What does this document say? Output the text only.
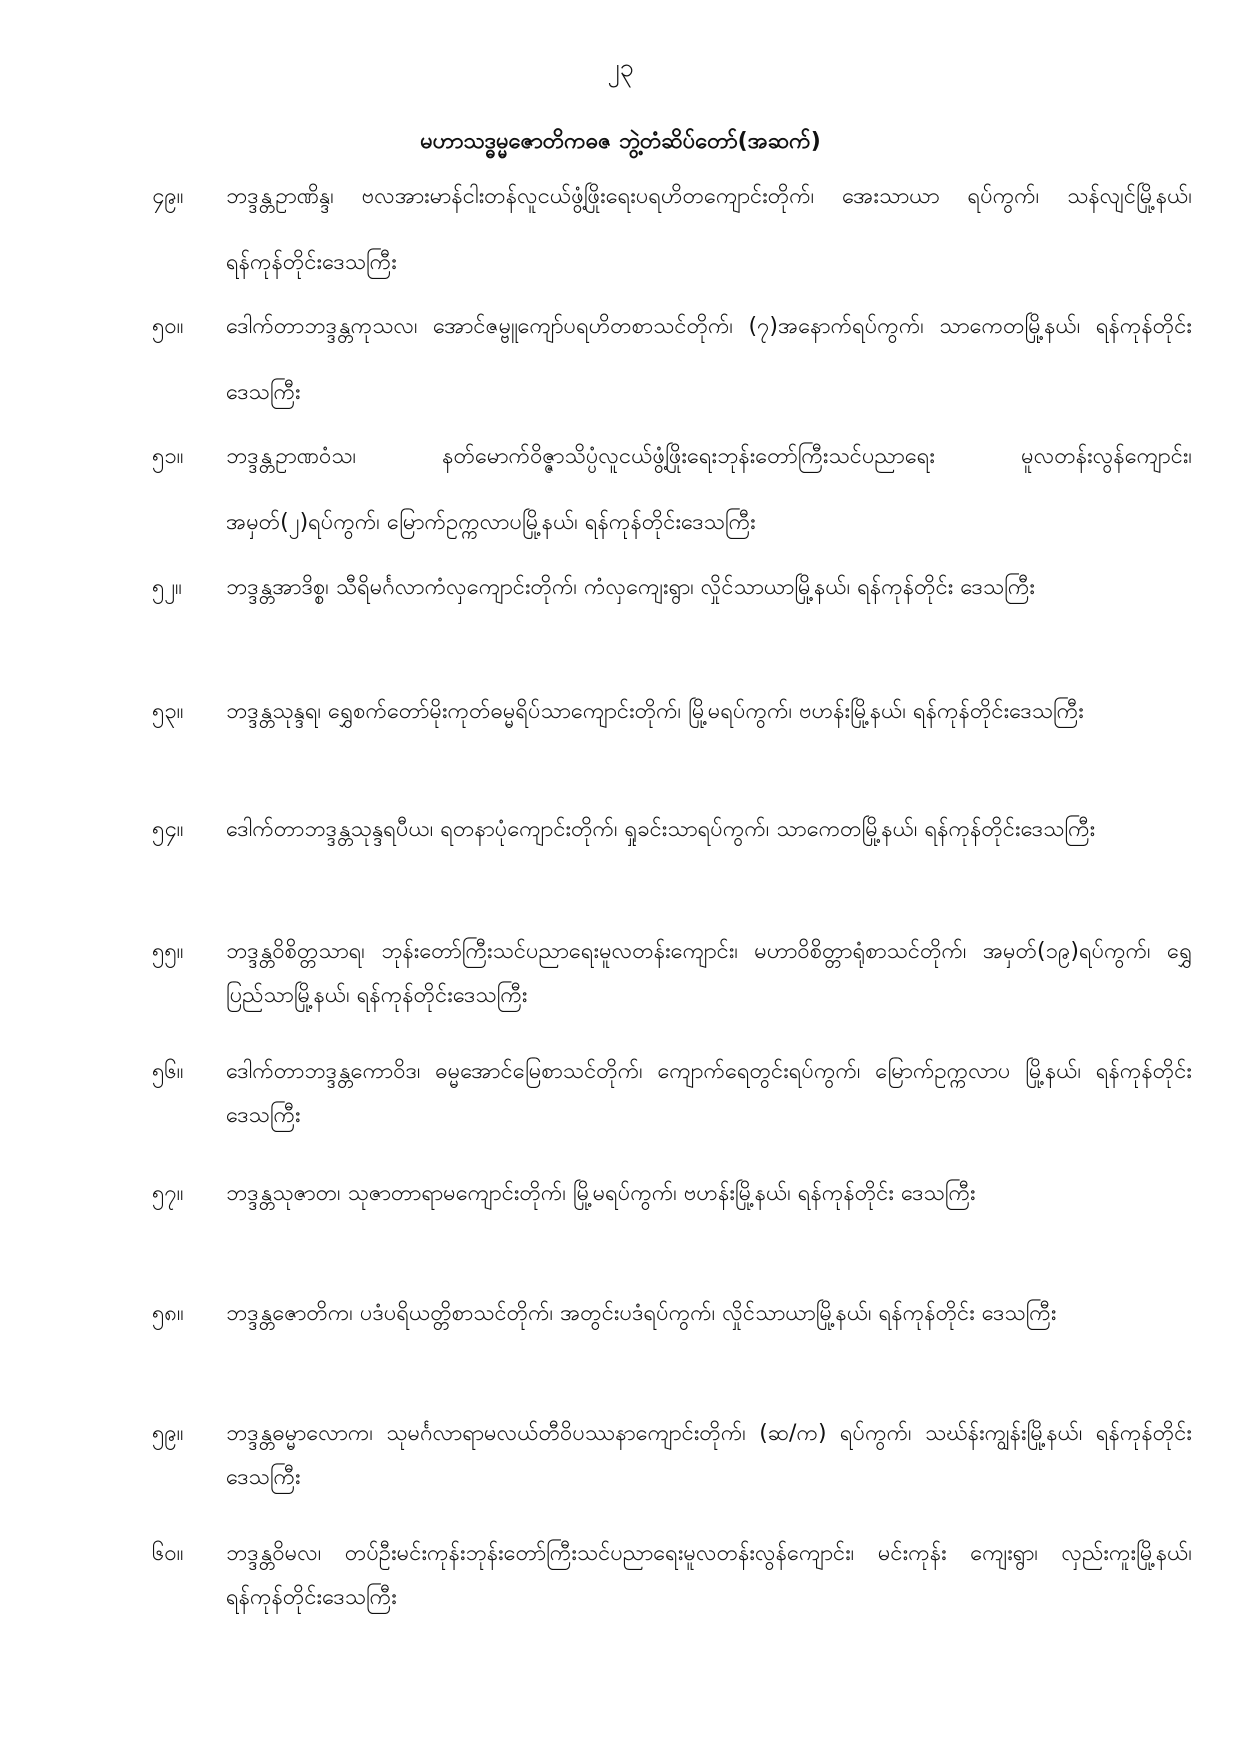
၂၃
မဟာသဒ္ဓမ္မဇောတိကဓဇ ဘွဲ့တံဆိပ်တော်(အဆက်)
၄၉။	ဘဒ္ဒန္တဥာဏိန္ဒ၊ ဗလအားမာန်ငါးတန်လူငယ်ဖွံ့ဖြိုးရေးပရဟိတကျောင်းတိုက်၊ အေးသာယာ ရပ်ကွက်၊ သန်လျင်မြို့နယ်၊ ရန်ကုန်တိုင်းဒေသကြီး
၅၀။	ဒေါက်တာဘဒ္ဒန္တကုသလ၊ အောင်ဇမ္ဗူကျော်ပရဟိတစာသင်တိုက်၊ (၇)အနောက်ရပ်ကွက်၊ သာကေတမြို့နယ်၊ ရန်ကုန်တိုင်းဒေသကြီး
၅၁။	ဘဒ္ဒန္တဥာဏဝံသ၊ နတ်မောက်ဝိဇ္ဇာသိပ္ပံလူငယ်ဖွံ့ဖြိုးရေးဘုန်းတော်ကြီးသင်ပညာရေး မူလတန်းလွန်ကျောင်း၊ အမှတ်(၂)ရပ်ကွက်၊ မြောက်ဥက္ကလာပမြို့နယ်၊ ရန်ကုန်တိုင်းဒေသကြီး
၅၂။	ဘဒ္ဒန္တအာဒိစ္စ၊ သီရိမင်္ဂလာကံလှကျောင်းတိုက်၊ ကံလှကျေးရွာ၊ လှိုင်သာယာမြို့နယ်၊ ရန်ကုန်တိုင်း ဒေသကြီး
၅၃။	ဘဒ္ဒန္တသုန္ဒရ၊ ရွှေစက်တော်မိုးကုတ်ဓမ္မရိပ်သာကျောင်းတိုက်၊ မြို့မရပ်ကွက်၊ ဗဟန်းမြို့နယ်၊ ရန်ကုန်တိုင်းဒေသကြီး
၅၄။	ဒေါက်တာဘဒ္ဒန္တသုန္ဒရပီယ၊ ရတနာပုံကျောင်းတိုက်၊ ရှုခင်းသာရပ်ကွက်၊ သာကေတမြို့နယ်၊ ရန်ကုန်တိုင်းဒေသကြီး
၅၅။	ဘဒ္ဒန္တဝိစိတ္တသာရ၊ ဘုန်းတော်ကြီးသင်ပညာရေးမူလတန်းကျောင်း၊ မဟာဝိစိတ္တာရုံစာသင်တိုက်၊ အမှတ်(၁၉)ရပ်ကွက်၊ ရွှေပြည်သာမြို့နယ်၊ ရန်ကုန်တိုင်းဒေသကြီး
၅၆။	ဒေါက်တာဘဒ္ဒန္တကောဝိဒ၊ ဓမ္မအောင်မြေစာသင်တိုက်၊ ကျောက်ရေတွင်းရပ်ကွက်၊ မြောက်ဥက္ကလာပ မြို့နယ်၊ ရန်ကုန်တိုင်းဒေသကြီး
၅၇။	ဘဒ္ဒန္တသုဇာတ၊ သုဇာတာရာမကျောင်းတိုက်၊ မြို့မရပ်ကွက်၊ ဗဟန်းမြို့နယ်၊ ရန်ကုန်တိုင်း ဒေသကြီး
၅၈။	ဘဒ္ဒန္တဇောတိက၊ ပဒံပရိယတ္တိစာသင်တိုက်၊ အတွင်းပဒံရပ်ကွက်၊ လှိုင်သာယာမြို့နယ်၊ ရန်ကုန်တိုင်း ဒေသကြီး
၅၉။	ဘဒ္ဒန္တဓမ္မာလောက၊ သုမင်္ဂလာရာမလယ်တီဝိပဿနာကျောင်းတိုက်၊ (ဆ/က) ရပ်ကွက်၊ သဃ်န်းကျွန်းမြို့နယ်၊ ရန်ကုန်တိုင်းဒေသကြီး
၆၀။	ဘဒ္ဒန္တဝိမလ၊ တပ်ဦးမင်းကုန်းဘုန်းတော်ကြီးသင်ပညာရေးမူလတန်းလွန်ကျောင်း၊ မင်းကုန်း ကျေးရွာ၊ လှည်းကူးမြို့နယ်၊ ရန်ကုန်တိုင်းဒေသကြီး
